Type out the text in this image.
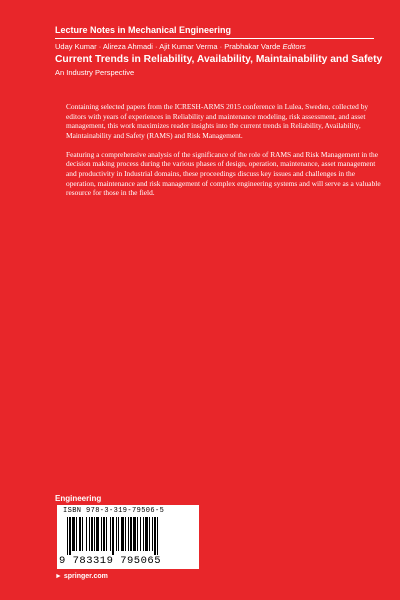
Lecture Notes in Mechanical Engineering
Uday Kumar · Alireza Ahmadi · Ajit Kumar Verma · Prabhakar Varde Editors
Current Trends in Reliability, Availability, Maintainability and Safety
An Industry Perspective

Containing selected papers from the ICRESH-ARMS 2015 conference in Lulea, Sweden, collected by editors with years of experiences in Reliability and maintenance modeling, risk assessment, and asset management, this work maximizes reader insights into the current trends in Reliability, Availability, Maintainability and Safety (RAMS) and Risk Management.

Featuring a comprehensive analysis of the significance of the role of RAMS and Risk Management in the decision making process during the various phases of design, operation, maintenance, asset management and productivity in Industrial domains, these proceedings discuss key issues and challenges in the operation, maintenance and risk management of complex engineering systems and will serve as a valuable resource for those in the field.

Engineering
ISBN 978-3-319-79506-5
9 783319 795065
► springer.com
